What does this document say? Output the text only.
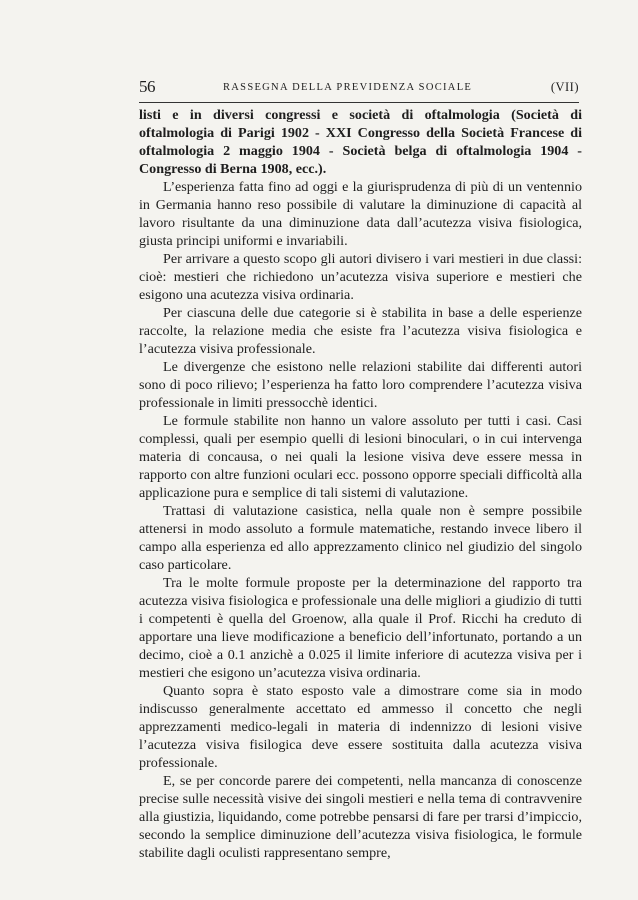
56	RASSEGNA DELLA PREVIDENZA SOCIALE	(VII)

listi e in diversi congressi e società di oftalmologia (Società di oftalmologia di Parigi 1902 - XXI Congresso della Società Francese di oftalmologia 2 maggio 1904 - Società belga di oftalmologia 1904 - Congresso di Berna 1908, ecc.).

L’esperienza fatta fino ad oggi e la giurisprudenza di più di un ventennio in Germania hanno reso possibile di valutare la diminuzione di capacità al lavoro risultante da una diminuzione data dall’acutezza visiva fisiologica, giusta principi uniformi e invariabili.

Per arrivare a questo scopo gli autori divisero i vari mestieri in due classi: cioè: mestieri che richiedono un’acutezza visiva superiore e mestieri che esigono una acutezza visiva ordinaria.

Per ciascuna delle due categorie si è stabilita in base a delle esperienze raccolte, la relazione media che esiste fra l’acutezza visiva fisiologica e l’acutezza visiva professionale.

Le divergenze che esistono nelle relazioni stabilite dai differenti autori sono di poco rilievo; l’esperienza ha fatto loro comprendere l’acutezza visiva professionale in limiti pressocchè identici.

Le formule stabilite non hanno un valore assoluto per tutti i casi. Casi complessi, quali per esempio quelli di lesioni binoculari, o in cui intervenga materia di concausa, o nei quali la lesione visiva deve essere messa in rapporto con altre funzioni oculari ecc. possono opporre speciali difficoltà alla applicazione pura e semplice di tali sistemi di valutazione.

Trattasi di valutazione casistica, nella quale non è sempre possibile attenersi in modo assoluto a formule matematiche, restando invece libero il campo alla esperienza ed allo apprezzamento clinico nel giudizio del singolo caso particolare.

Tra le molte formule proposte per la determinazione del rapporto tra acutezza visiva fisiologica e professionale una delle migliori a giudizio di tutti i competenti è quella del Groenow, alla quale il Prof. Ricchi ha creduto di apportare una lieve modificazione a beneficio dell’infortunato, portando a un decimo, cioè a 0.1 anzichè a 0.025 il limite inferiore di acutezza visiva per i mestieri che esigono un’acutezza visiva ordinaria.

Quanto sopra è stato esposto vale a dimostrare come sia in modo indiscusso generalmente accettato ed ammesso il concetto che negli apprezzamenti medico-legali in materia di indennizzo di lesioni visive l’acutezza visiva fisilogica deve essere sostituita dalla acutezza visiva professionale.

E, se per concorde parere dei competenti, nella mancanza di conoscenze precise sulle necessità visive dei singoli mestieri e nella tema di contravvenire alla giustizia, liquidando, come potrebbe pensarsi di fare per trarsi d’impiccio, secondo la semplice diminuzione dell’acutezza visiva fisiologica, le formule stabilite dagli oculisti rappresentano sempre,
